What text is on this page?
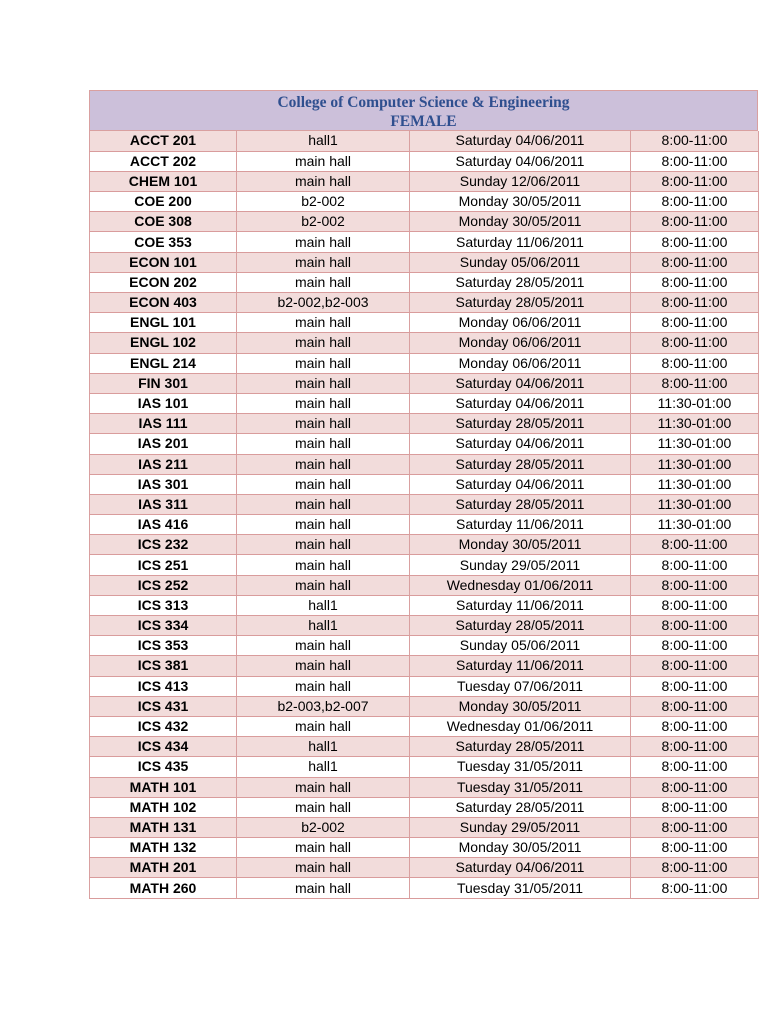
College of Computer Science & Engineering
FEMALE
ACCT 201	hall1	Saturday 04/06/2011	8:00-11:00
ACCT 202	main hall	Saturday 04/06/2011	8:00-11:00
CHEM 101	main hall	Sunday 12/06/2011	8:00-11:00
COE 200	b2-002	Monday 30/05/2011	8:00-11:00
COE 308	b2-002	Monday 30/05/2011	8:00-11:00
COE 353	main hall	Saturday 11/06/2011	8:00-11:00
ECON 101	main hall	Sunday 05/06/2011	8:00-11:00
ECON 202	main hall	Saturday 28/05/2011	8:00-11:00
ECON 403	b2-002,b2-003	Saturday 28/05/2011	8:00-11:00
ENGL 101	main hall	Monday 06/06/2011	8:00-11:00
ENGL 102	main hall	Monday 06/06/2011	8:00-11:00
ENGL 214	main hall	Monday 06/06/2011	8:00-11:00
FIN 301	main hall	Saturday 04/06/2011	8:00-11:00
IAS 101	main hall	Saturday 04/06/2011	11:30-01:00
IAS 111	main hall	Saturday 28/05/2011	11:30-01:00
IAS 201	main hall	Saturday 04/06/2011	11:30-01:00
IAS 211	main hall	Saturday 28/05/2011	11:30-01:00
IAS 301	main hall	Saturday 04/06/2011	11:30-01:00
IAS 311	main hall	Saturday 28/05/2011	11:30-01:00
IAS 416	main hall	Saturday 11/06/2011	11:30-01:00
ICS 232	main hall	Monday 30/05/2011	8:00-11:00
ICS 251	main hall	Sunday 29/05/2011	8:00-11:00
ICS 252	main hall	Wednesday 01/06/2011	8:00-11:00
ICS 313	hall1	Saturday 11/06/2011	8:00-11:00
ICS 334	hall1	Saturday 28/05/2011	8:00-11:00
ICS 353	main hall	Sunday 05/06/2011	8:00-11:00
ICS 381	main hall	Saturday 11/06/2011	8:00-11:00
ICS 413	main hall	Tuesday 07/06/2011	8:00-11:00
ICS 431	b2-003,b2-007	Monday 30/05/2011	8:00-11:00
ICS 432	main hall	Wednesday 01/06/2011	8:00-11:00
ICS 434	hall1	Saturday 28/05/2011	8:00-11:00
ICS 435	hall1	Tuesday 31/05/2011	8:00-11:00
MATH 101	main hall	Tuesday 31/05/2011	8:00-11:00
MATH 102	main hall	Saturday 28/05/2011	8:00-11:00
MATH 131	b2-002	Sunday 29/05/2011	8:00-11:00
MATH 132	main hall	Monday 30/05/2011	8:00-11:00
MATH 201	main hall	Saturday 04/06/2011	8:00-11:00
MATH 260	main hall	Tuesday 31/05/2011	8:00-11:00
